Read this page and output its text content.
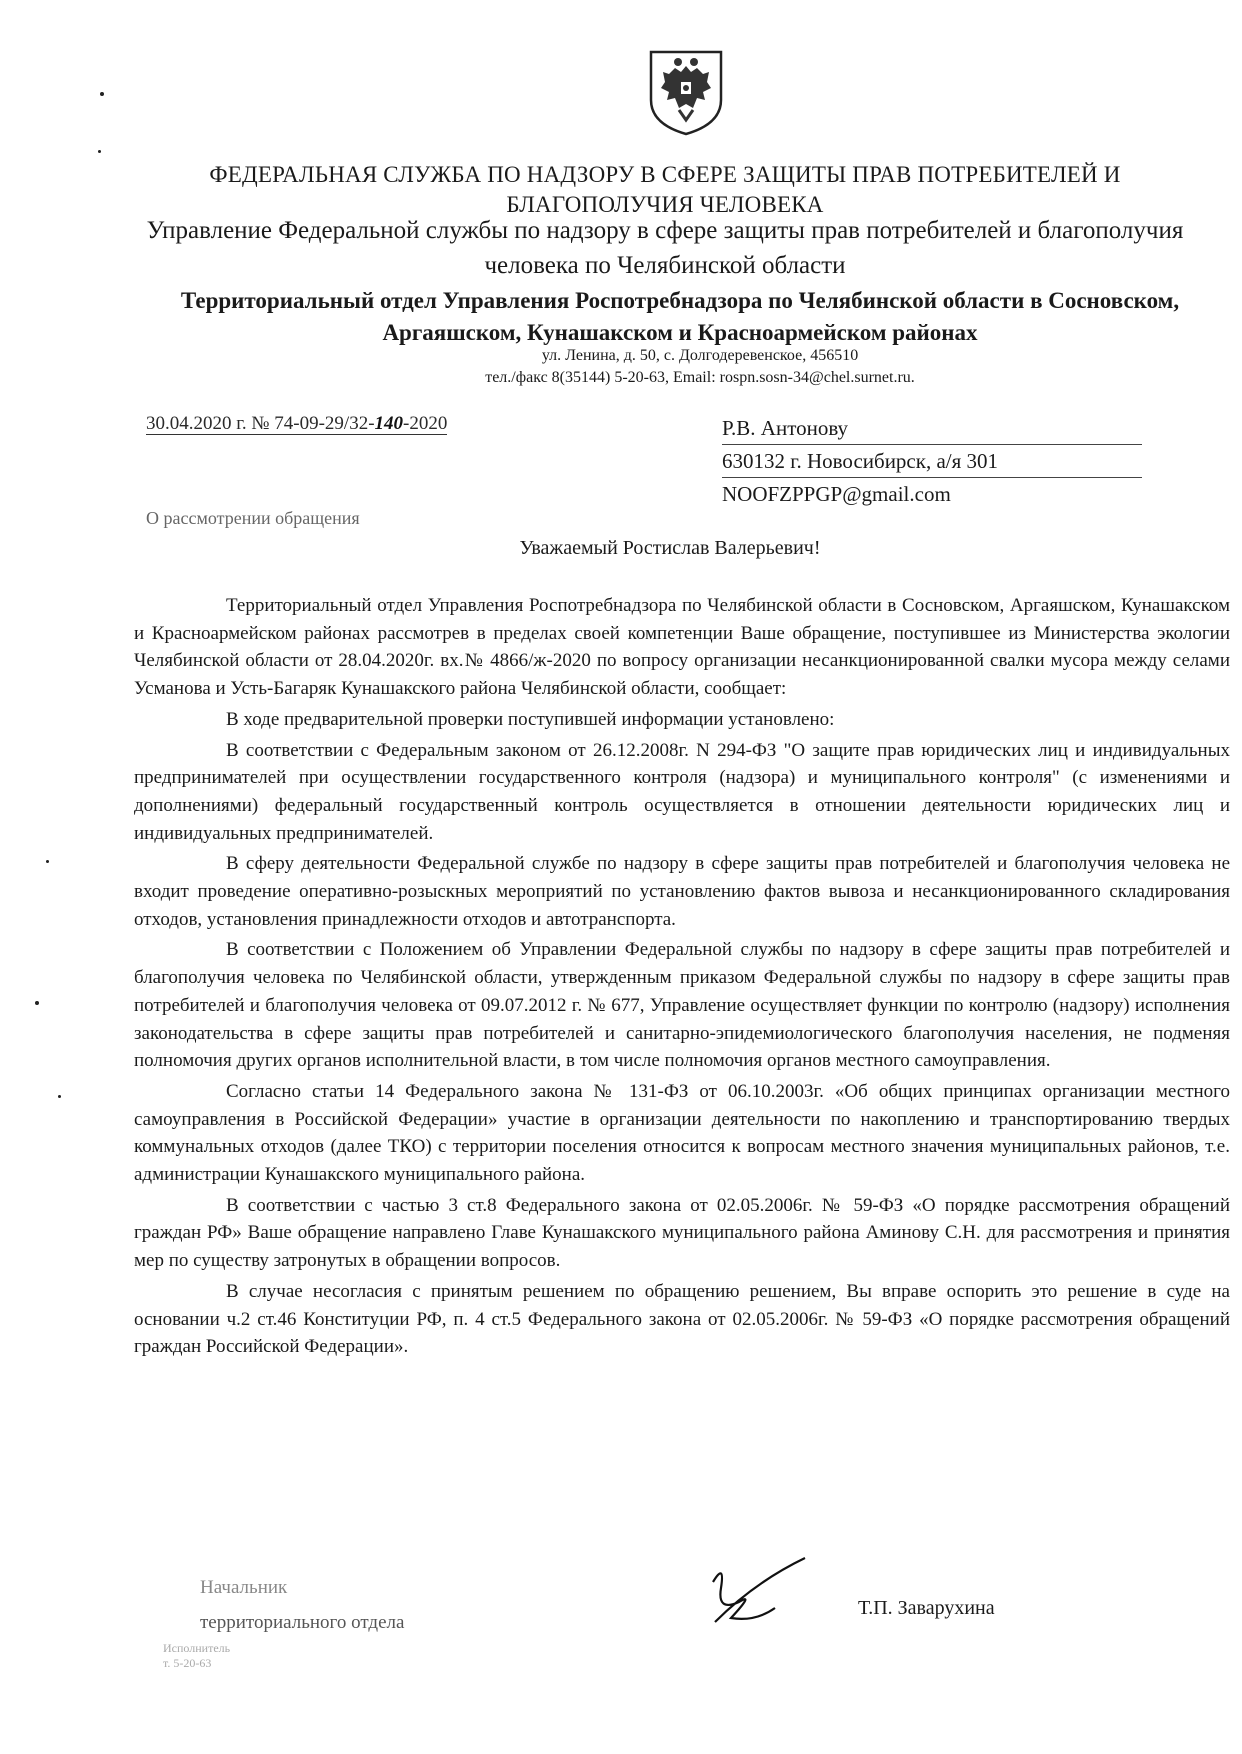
ФЕДЕРАЛЬНАЯ СЛУЖБА ПО НАДЗОРУ В СФЕРЕ ЗАЩИТЫ ПРАВ ПОТРЕБИТЕЛЕЙ И БЛАГОПОЛУЧИЯ ЧЕЛОВЕКА
Управление Федеральной службы по надзору в сфере защиты прав потребителей и благополучия человека по Челябинской области
Территориальный отдел Управления Роспотребнадзора по Челябинской области в Сосновском, Аргаяшском, Кунашакском и Красноармейском районах
ул. Ленина, д. 50, с. Долгодеревенское, 456510
тел./факс 8(35144) 5-20-63, Email: rospn.sosn-34@chel.surnet.ru.
30.04.2020 г. № 74-09-29/32-140-2020	Р.В. Антонову
630132 г. Новосибирск, а/я 301
NOOFZPPGP@gmail.com
О рассмотрении обращения
Уважаемый Ростислав Валерьевич!

Территориальный отдел Управления Роспотребнадзора по Челябинской области в Сосновском, Аргаяшском, Кунашакском и Красноармейском районах рассмотрев в пределах своей компетенции Ваше обращение, поступившее из Министерства экологии Челябинской области от 28.04.2020г. вх.№ 4866/ж-2020 по вопросу организации несанкционированной свалки мусора между селами Усманова и Усть-Багаряк Кунашакского района Челябинской области, сообщает:

В ходе предварительной проверки поступившей информации установлено:

В соответствии с Федеральным законом от 26.12.2008г. N 294-ФЗ "О защите прав юридических лиц и индивидуальных предпринимателей при осуществлении государственного контроля (надзора) и муниципального контроля" (с изменениями и дополнениями) федеральный государственный контроль осуществляется в отношении деятельности юридических лиц и индивидуальных предпринимателей.

В сферу деятельности Федеральной службе по надзору в сфере защиты прав потребителей и благополучия человека не входит проведение оперативно-розыскных мероприятий по установлению фактов вывоза и несанкционированного складирования отходов, установления принадлежности отходов и автотранспорта.

В соответствии с Положением об Управлении Федеральной службы по надзору в сфере защиты прав потребителей и благополучия человека по Челябинской области, утвержденным приказом Федеральной службы по надзору в сфере защиты прав потребителей и благополучия человека от 09.07.2012 г. № 677, Управление осуществляет функции по контролю (надзору) исполнения законодательства в сфере защиты прав потребителей и санитарно-эпидемиологического благополучия населения, не подменяя полномочия других органов исполнительной власти, в том числе полномочия органов местного самоуправления.

Согласно статьи 14 Федерального закона № 131-ФЗ от 06.10.2003г. «Об общих принципах организации местного самоуправления в Российской Федерации» участие в организации деятельности по накоплению и транспортированию твердых коммунальных отходов (далее ТКО) с территории поселения относится к вопросам местного значения муниципальных районов, т.е. администрации Кунашакского муниципального района.

В соответствии с частью 3 ст.8 Федерального закона от 02.05.2006г. № 59-ФЗ «О порядке рассмотрения обращений граждан РФ» Ваше обращение направлено Главе Кунашакского муниципального района Аминову С.Н. для рассмотрения и принятия мер по существу затронутых в обращении вопросов.

В случае несогласия с принятым решением по обращению решением, Вы вправе оспорить это решение в суде на основании ч.2 ст.46 Конституции РФ, п. 4 ст.5 Федерального закона от 02.05.2006г. № 59-ФЗ «О порядке рассмотрения обращений граждан Российской Федерации».

Начальник
территориального отдела
Исполнитель
т. 5-20-63
Т.П. Заварухина
